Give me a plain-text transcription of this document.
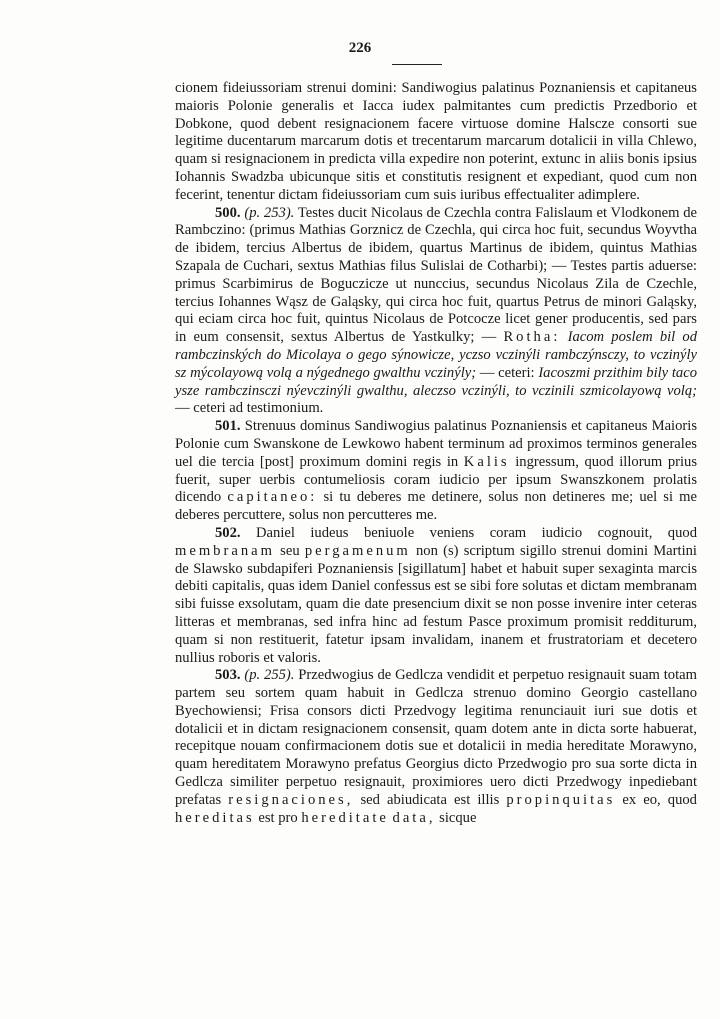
226

cionem fideiussoriam strenui domini: Sandiwogius palatinus Poznaniensis et capitaneus maioris Polonie generalis et Iacca iudex palmitantes cum predictis Przedborio et Dobkone, quod debent resignacionem facere virtuose domine Halscze consorti sue legitime ducentarum marcarum dotis et trecentarum marcarum dotalicii in villa Chlewo, quam si resignacionem in predicta villa expedire non poterint, extunc in aliis bonis ipsius Iohannis Swadzba ubicunque sitis et constitutis resignent et expediant, quod cum non fecerint, tenentur dictam fideiussoriam cum suis iuribus effectualiter adimplere.

500. (p. 253). Testes ducit Nicolaus de Czechla contra Falislaum et Vlodkonem de Rambczino: (primus Mathias Gorznicz de Czechla, qui circa hoc fuit, secundus Woyvtha de ibidem, tercius Albertus de ibidem, quartus Martinus de ibidem, quintus Mathias Szapala de Cuchari, sextus Mathias filus Sulislai de Cotharbi); — Testes partis aduerse: primus Scarbimirus de Boguczicze ut nunccius, secundus Nicolaus Zila de Czechle, tercius Iohannes Wąsz de Galąsky, qui circa hoc fuit, quartus Petrus de minori Galąsky, qui eciam circa hoc fuit, quintus Nicolaus de Potcocze licet gener producentis, sed pars in eum consensit, sextus Albertus de Yastkulky; — Rotha: Iacom poslem bil od rambczinských do Micolaya o gego sýnowicze, yczso vczinýli rambczýnsczy, to vczinýly sz mýcolayową volą a nýgednego gwalthu vczinýly; — ceteri: Iacoszmi przithim bily taco ysze rambczinsczi nýevczinýli gwalthu, aleczso vczinýli, to vczinili szmicolayową volą; — ceteri ad testimonium.

501. Strenuus dominus Sandiwogius palatinus Poznaniensis et capitaneus Maioris Polonie cum Swanskone de Lewkowo habent terminum ad proximos terminos generales uel die tercia [post] proximum domini regis in Kalis ingressum, quod illorum prius fuerit, super uerbis contumeliosis coram iudicio per ipsum Swanszkonem prolatis dicendo capitaneo: si tu deberes me detinere, solus non detineres me; uel si me deberes percuttere, solus non percutteres me.

502. Daniel iudeus beniuole veniens coram iudicio cognouit, quod membranam seu pergamenum non (s) scriptum sigillo strenui domini Martini de Slawsko subdapiferi Poznaniensis [sigillatum] habet et habuit super sexaginta marcis debiti capitalis, quas idem Daniel confessus est se sibi fore solutas et dictam membranam sibi fuisse exsolutam, quam die date presencium dixit se non posse invenire inter ceteras litteras et membranas, sed infra hinc ad festum Pasce proximum promisit redditurum, quam si non restituerit, fatetur ipsam invalidam, inanem et frustratoriam et decetero nullius roboris et valoris.

503. (p. 255). Przedwogius de Gedlcza vendidit et perpetuo resignauit suam totam partem seu sortem quam habuit in Gedlcza strenuo domino Georgio castellano Byechowiensi; Frisa consors dicti Przedvogy legitima renunciauit iuri sue dotis et dotalicii et in dictam resignacionem consensit, quam dotem ante in dicta sorte habuerat, recepitque nouam confirmacionem dotis sue et dotalicii in media hereditate Morawyno, quam hereditatem Morawyno prefatus Georgius dicto Przedwogio pro sua sorte dicta in Gedlcza similiter perpetuo resignauit, proximiores uero dicti Przedwogy inpediebant prefatas resignaciones, sed abiudicata est illis propinquitas ex eo, quod hereditas est pro hereditate data, sicque
